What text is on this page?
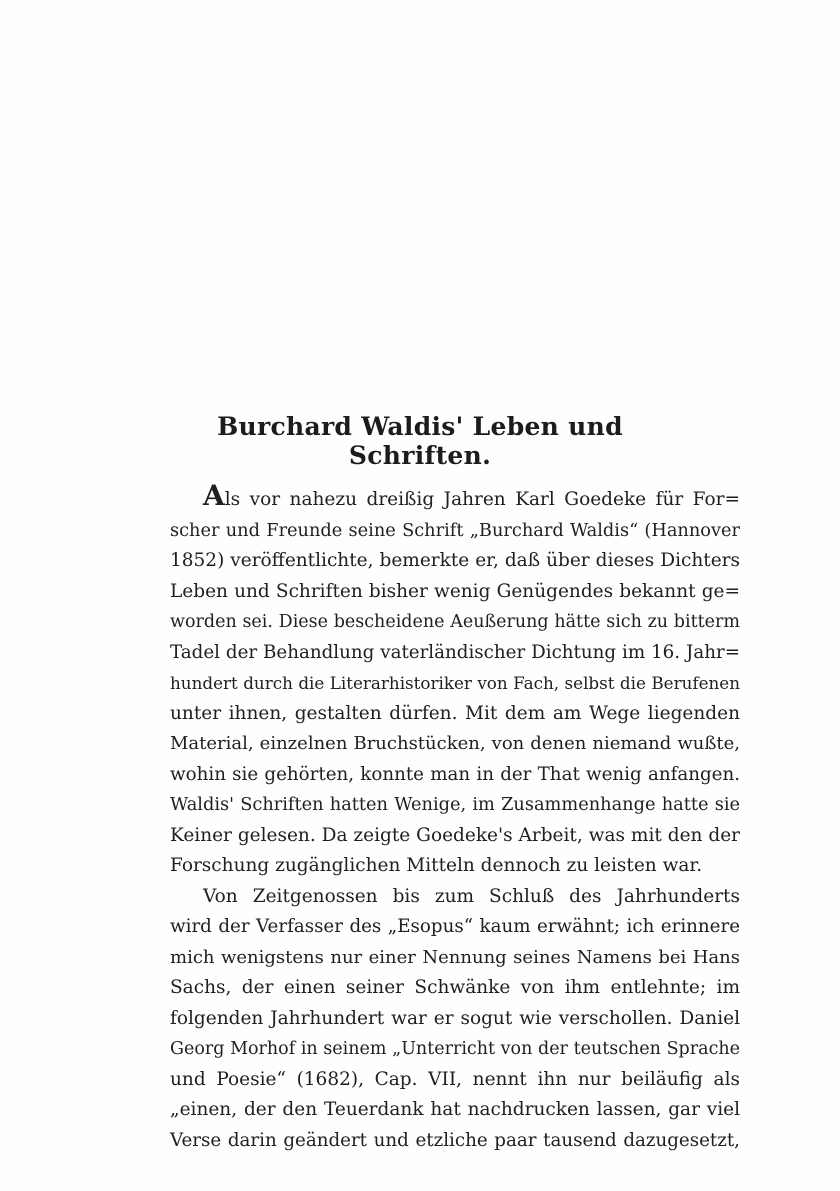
Burchard Waldis' Leben und Schriften.
Als vor nahezu dreißig Jahren Karl Goedeke für For=
scher und Freunde seine Schrift „Burchard Waldis“ (Hannover
1852) veröffentlichte, bemerkte er, daß über dieses Dichters
Leben und Schriften bisher wenig Genügendes bekannt ge=
worden sei. Diese bescheidene Aeußerung hätte sich zu bitterm
Tadel der Behandlung vaterländischer Dichtung im 16. Jahr=
hundert durch die Literarhistoriker von Fach, selbst die Berufenen
unter ihnen, gestalten dürfen. Mit dem am Wege liegenden
Material, einzelnen Bruchstücken, von denen niemand wußte,
wohin sie gehörten, konnte man in der That wenig anfangen.
Waldis' Schriften hatten Wenige, im Zusammenhange hatte sie
Keiner gelesen. Da zeigte Goedeke's Arbeit, was mit den der
Forschung zugänglichen Mitteln dennoch zu leisten war.
Von Zeitgenossen bis zum Schluß des Jahrhunderts
wird der Verfasser des „Esopus“ kaum erwähnt; ich erinnere
mich wenigstens nur einer Nennung seines Namens bei Hans
Sachs, der einen seiner Schwänke von ihm entlehnte; im
folgenden Jahrhundert war er sogut wie verschollen. Daniel
Georg Morhof in seinem „Unterricht von der teutschen Sprache
und Poesie“ (1682), Cap. VII, nennt ihn nur beiläufig als
„einen, der den Teuerdank hat nachdrucken lassen, gar viel
Verse darin geändert und etzliche paar tausend dazugesetzt,
